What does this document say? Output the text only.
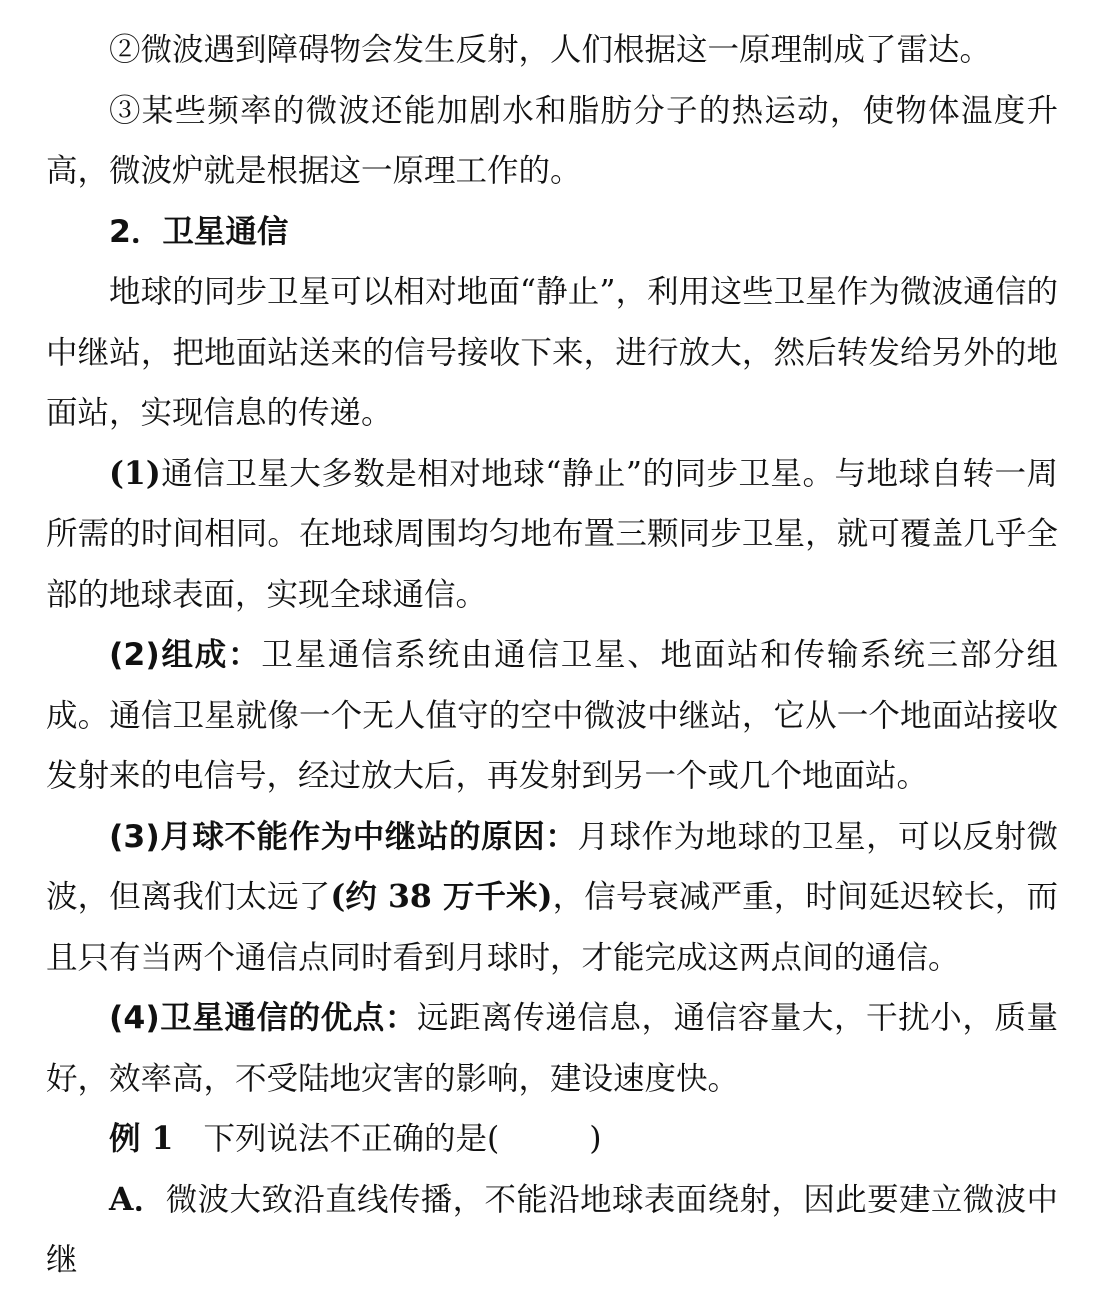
②微波遇到障碍物会发生反射，人们根据这一原理制成了雷达。

③某些频率的微波还能加剧水和脂肪分子的热运动，使物体温度升高，微波炉就是根据这一原理工作的。

2．卫星通信

地球的同步卫星可以相对地面“静止”，利用这些卫星作为微波通信的中继站，把地面站送来的信号接收下来，进行放大，然后转发给另外的地面站，实现信息的传递。

(1)通信卫星大多数是相对地球“静止”的同步卫星。与地球自转一周所需的时间相同。在地球周围均匀地布置三颗同步卫星，就可覆盖几乎全部的地球表面，实现全球通信。

(2)组成：卫星通信系统由通信卫星、地面站和传输系统三部分组成。通信卫星就像一个无人值守的空中微波中继站，它从一个地面站接收发射来的电信号，经过放大后，再发射到另一个或几个地面站。

(3)月球不能作为中继站的原因：月球作为地球的卫星，可以反射微波，但离我们太远了(约 38 万千米)，信号衰减严重，时间延迟较长，而且只有当两个通信点同时看到月球时，才能完成这两点间的通信。

(4)卫星通信的优点：远距离传递信息，通信容量大，干扰小，质量好，效率高，不受陆地灾害的影响，建设速度快。

例 1 下列说法不正确的是(	)

A．微波大致沿直线传播，不能沿地球表面绕射，因此要建立微波中继
